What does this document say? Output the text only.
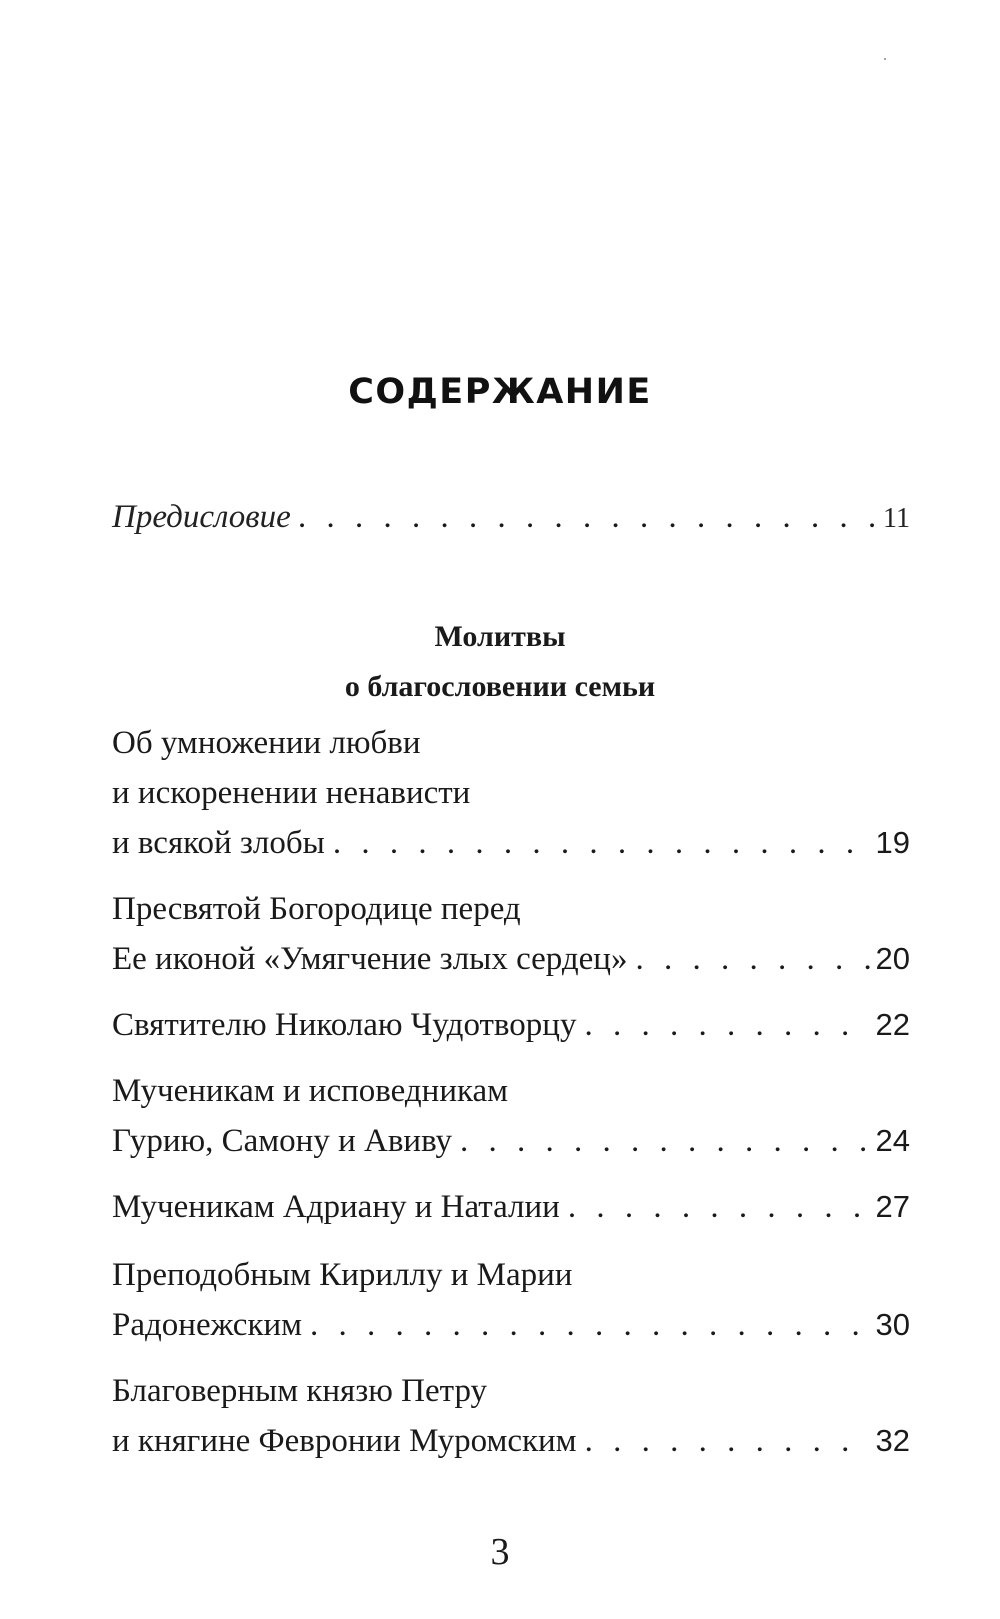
СОДЕРЖАНИЕ
Предисловие . . .	11
Молитвы
о благословении семьи
Об умножении любви
и искоренении ненависти
и всякой злобы . . .	19
Пресвятой Богородице перед
Ее иконой «Умягчение злых сердец» . . .	20
Святителю Николаю Чудотворцу . . .	22
Мученикам и исповедникам
Гурию, Самону и Авиву . . .	24
Мученикам Адриану и Наталии . . .	27
Преподобным Кириллу и Марии
Радонежским . . .	30
Благоверным князю Петру
и княгине Февронии Муромским . . .	32
3
